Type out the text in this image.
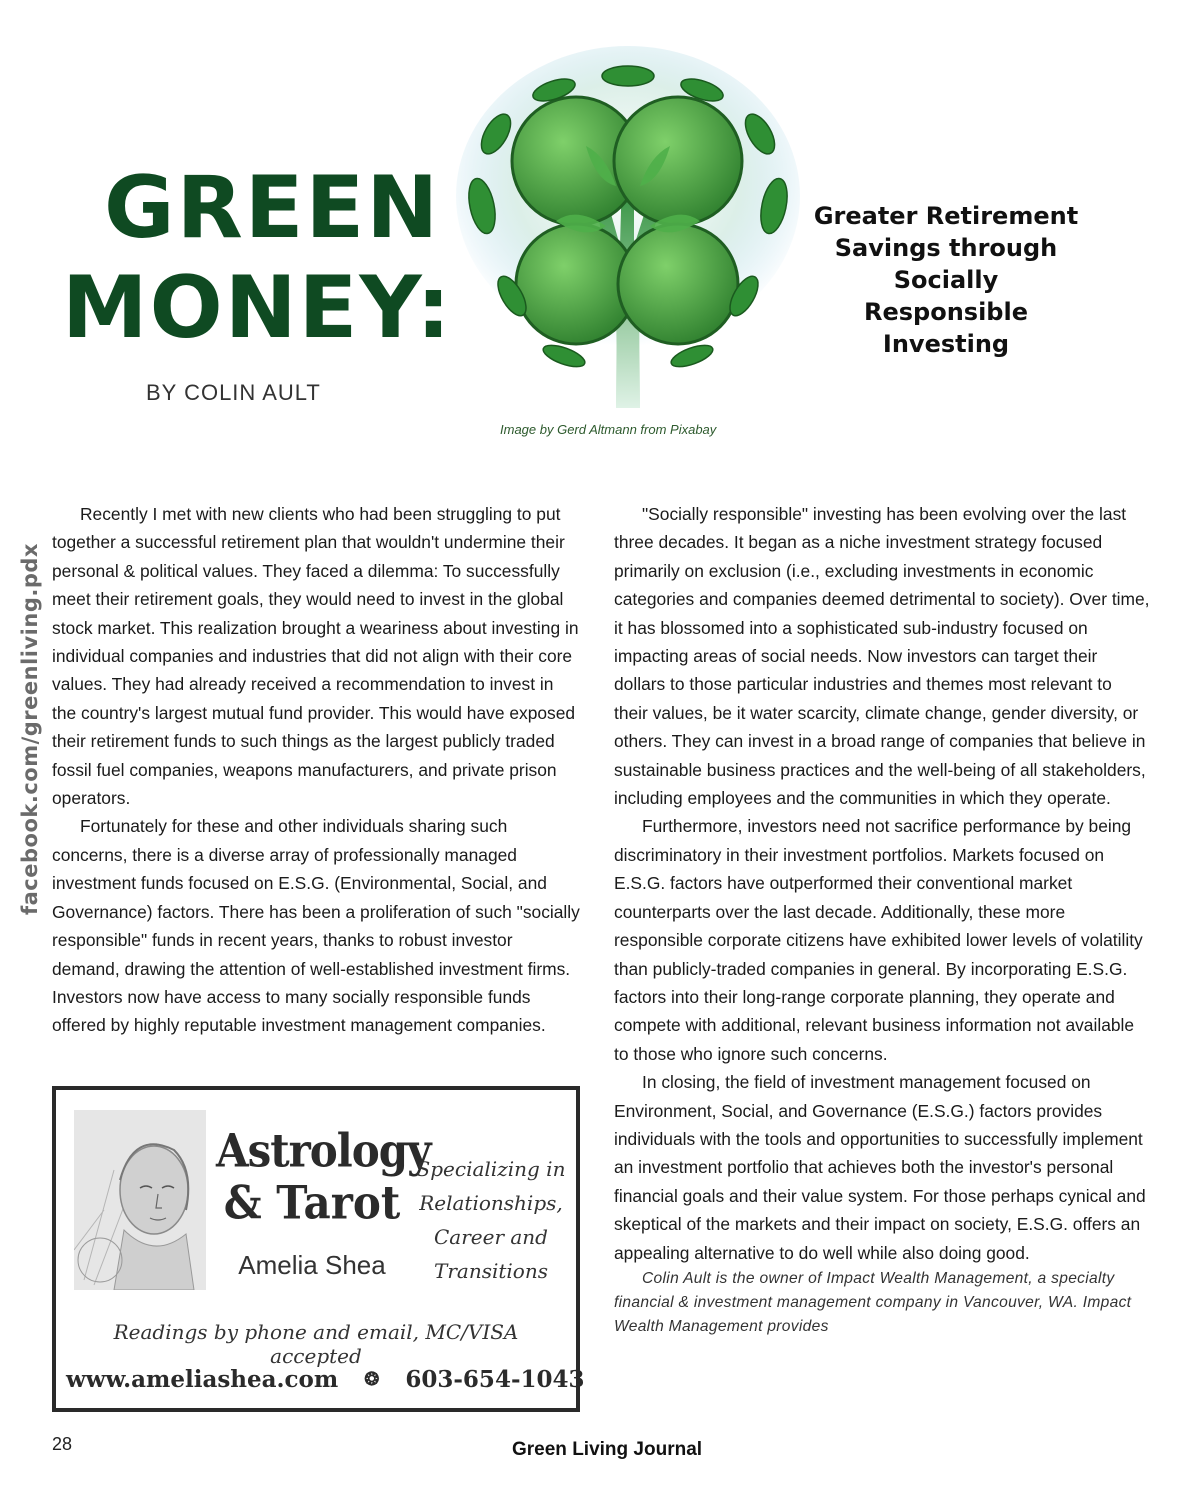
facebook.com/greenliving.pdx
GREEN
MONEY:
BY COLIN AULT
Image by Gerd Altmann from Pixabay
Greater Retirement
Savings through
Socially Responsible
Investing

Recently I met with new clients who had been struggling to put together a successful retirement plan that wouldn't undermine their personal & political values. They faced a dilemma: To successfully meet their retirement goals, they would need to invest in the global stock market. This realization brought a weariness about investing in individual companies and industries that did not align with their core values. They had already received a recommendation to invest in the country's largest mutual fund provider. This would have exposed their retirement funds to such things as the largest publicly traded fossil fuel companies, weapons manufacturers, and private prison operators.

Fortunately for these and other individuals sharing such concerns, there is a diverse array of professionally managed investment funds focused on E.S.G. (Environmental, Social, and Governance) factors. There has been a proliferation of such "socially responsible" funds in recent years, thanks to robust investor demand, drawing the attention of well-established investment firms. Investors now have access to many socially responsible funds offered by highly reputable investment management companies.

"Socially responsible" investing has been evolving over the last three decades. It began as a niche investment strategy focused primarily on exclusion (i.e., excluding investments in economic categories and companies deemed detrimental to society). Over time, it has blossomed into a sophisticated sub-industry focused on impacting areas of social needs. Now investors can target their dollars to those particular industries and themes most relevant to their values, be it water scarcity, climate change, gender diversity, or others. They can invest in a broad range of companies that believe in sustainable business practices and the well-being of all stakeholders, including employees and the communities in which they operate.

Furthermore, investors need not sacrifice performance by being discriminatory in their investment portfolios. Markets focused on E.S.G. factors have outperformed their conventional market counterparts over the last decade. Additionally, these more responsible corporate citizens have exhibited lower levels of volatility than publicly-traded companies in general. By incorporating E.S.G. factors into their long-range corporate planning, they operate and compete with additional, relevant business information not available to those who ignore such concerns.

In closing, the field of investment management focused on Environment, Social, and Governance (E.S.G.) factors provides individuals with the tools and opportunities to successfully implement an investment portfolio that achieves both the investor's personal financial goals and their value system. For those perhaps cynical and skeptical of the markets and their impact on society, E.S.G. offers an appealing alternative to do well while also doing good.

Colin Ault is the owner of Impact Wealth Management, a specialty financial & investment management company in Vancouver, WA. Impact Wealth Management provides

Astrology
& Tarot
Amelia Shea
Specializing in
Relationships,
Career and
Transitions
Readings by phone and email, MC/VISA accepted
www.ameliashea.com ❂ 603-654-1043
28	Green Living Journal
